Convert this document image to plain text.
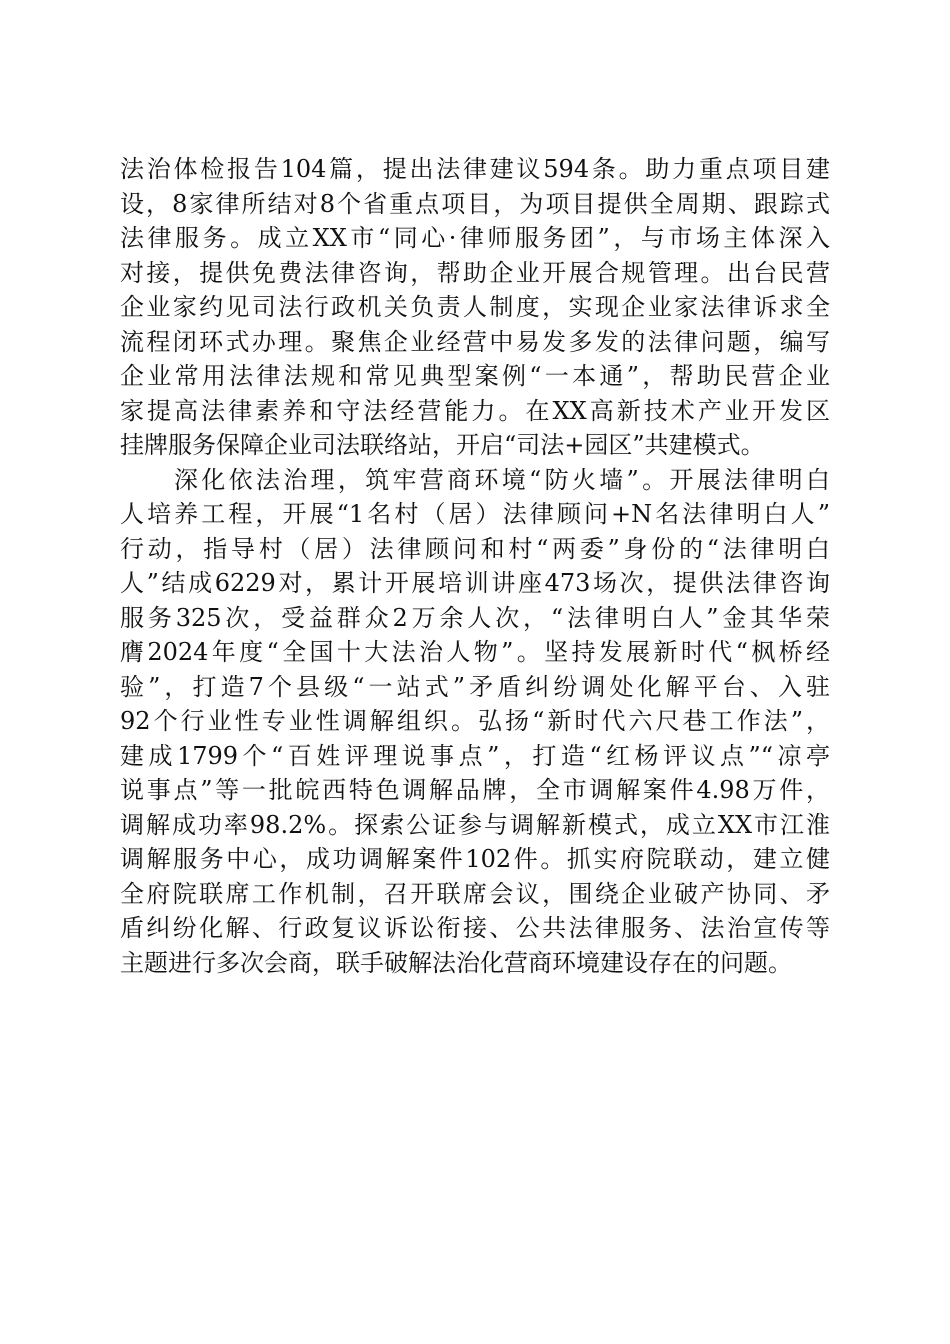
法治体检报告104篇，提出法律建议594条。助力重点项目建
设，8家律所结对8个省重点项目，为项目提供全周期、跟踪式
法律服务。成立XX市“同心·律师服务团”，与市场主体深入
对接，提供免费法律咨询，帮助企业开展合规管理。出台民营
企业家约见司法行政机关负责人制度，实现企业家法律诉求全
流程闭环式办理。聚焦企业经营中易发多发的法律问题，编写
企业常用法律法规和常见典型案例“一本通”，帮助民营企业
家提高法律素养和守法经营能力。在XX高新技术产业开发区
挂牌服务保障企业司法联络站，开启“司法+园区”共建模式。
深化依法治理，筑牢营商环境“防火墙”。开展法律明白
人培养工程，开展“1名村（居）法律顾问+N名法律明白人”
行动，指导村（居）法律顾问和村“两委”身份的“法律明白
人”结成6229对，累计开展培训讲座473场次，提供法律咨询
服务325次，受益群众2万余人次，“法律明白人”金其华荣
膺2024年度“全国十大法治人物”。坚持发展新时代“枫桥经
验”，打造7个县级“一站式”矛盾纠纷调处化解平台、入驻
92个行业性专业性调解组织。弘扬“新时代六尺巷工作法”，
建成1799个“百姓评理说事点”，打造“红杨评议点”“凉亭
说事点”等一批皖西特色调解品牌，全市调解案件4.98万件，
调解成功率98.2%。探索公证参与调解新模式，成立XX市江淮
调解服务中心，成功调解案件102件。抓实府院联动，建立健
全府院联席工作机制，召开联席会议，围绕企业破产协同、矛
盾纠纷化解、行政复议诉讼衔接、公共法律服务、法治宣传等
主题进行多次会商，联手破解法治化营商环境建设存在的问题。
